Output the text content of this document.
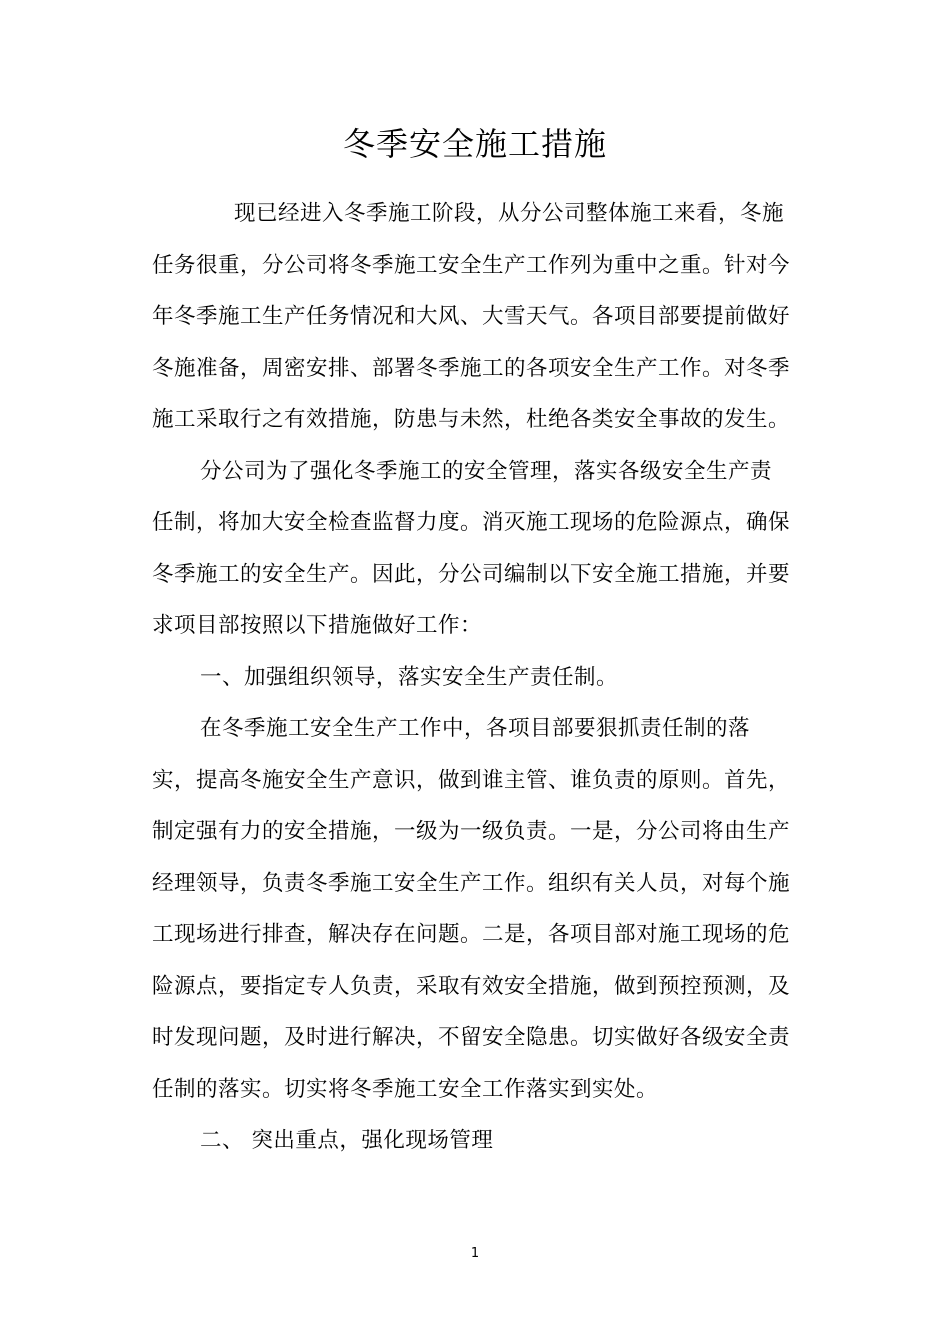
冬季安全施工措施
现已经进入冬季施工阶段，从分公司整体施工来看，冬施
任务很重，分公司将冬季施工安全生产工作列为重中之重。针对今
年冬季施工生产任务情况和大风、大雪天气。各项目部要提前做好
冬施准备，周密安排、部署冬季施工的各项安全生产工作。对冬季
施工采取行之有效措施，防患与未然，杜绝各类安全事故的发生。
分公司为了强化冬季施工的安全管理，落实各级安全生产责
任制，将加大安全检查监督力度。消灭施工现场的危险源点，确保
冬季施工的安全生产。因此，分公司编制以下安全施工措施，并要
求项目部按照以下措施做好工作：
一、加强组织领导，落实安全生产责任制。
在冬季施工安全生产工作中，各项目部要狠抓责任制的落
实，提高冬施安全生产意识，做到谁主管、谁负责的原则。首先，
制定强有力的安全措施，一级为一级负责。一是，分公司将由生产
经理领导，负责冬季施工安全生产工作。组织有关人员，对每个施
工现场进行排查，解决存在问题。二是，各项目部对施工现场的危
险源点，要指定专人负责，采取有效安全措施，做到预控预测，及
时发现问题，及时进行解决，不留安全隐患。切实做好各级安全责
任制的落实。切实将冬季施工安全工作落实到实处。
二、 突出重点，强化现场管理
1
